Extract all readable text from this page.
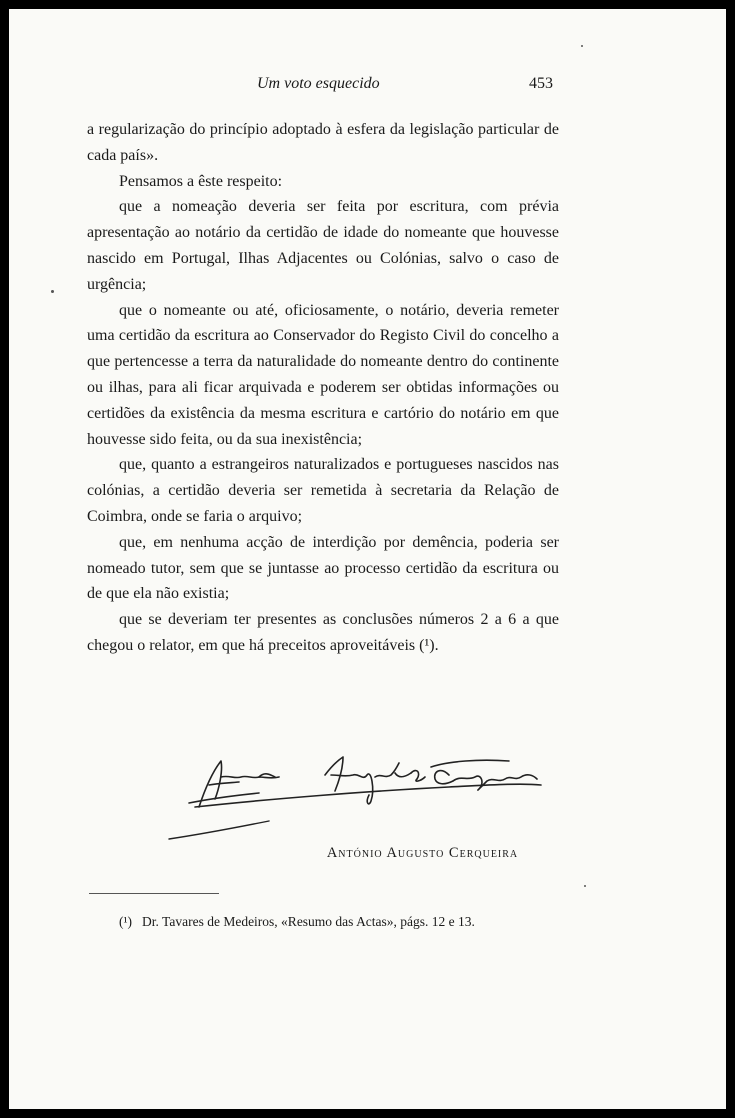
Um voto esquecido	453

a regularização do princípio adoptado à esfera da legislação particular de cada país».

Pensamos a êste respeito:

que a nomeação deveria ser feita por escritura, com prévia apresentação ao notário da certidão de idade do nomeante que houvesse nascido em Portugal, Ilhas Adjacentes ou Colónias, salvo o caso de urgência;

que o nomeante ou até, oficiosamente, o notário, deveria remeter uma certidão da escritura ao Conservador do Registo Civil do concelho a que pertencesse a terra da naturalidade do nomeante dentro do continente ou ilhas, para ali ficar arquivada e poderem ser obtidas informações ou certidões da existência da mesma escritura e cartório do notário em que houvesse sido feita, ou da sua inexistência;

que, quanto a estrangeiros naturalizados e portugueses nascidos nas colónias, a certidão deveria ser remetida à secretaria da Relação de Coimbra, onde se faria o arquivo;

que, em nenhuma acção de interdição por demência, poderia ser nomeado tutor, sem que se juntasse ao processo certidão da escritura ou de que ela não existia;

que se deveriam ter presentes as conclusões números 2 a 6 a que chegou o relator, em que há preceitos aproveitáveis (¹).

António Augusto Cerqueira
(¹) Dr. Tavares de Medeiros, «Resumo das Actas», págs. 12 e 13.
